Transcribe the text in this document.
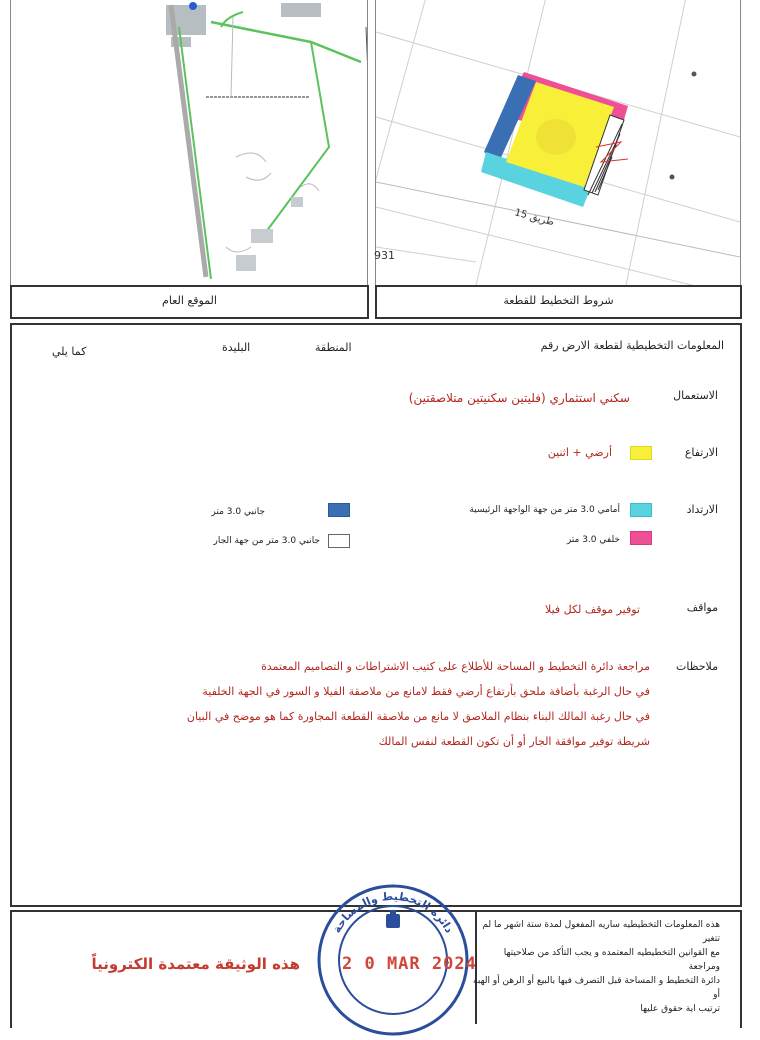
طريق 15
931
الموقع العام	شروط التخطيط للقطعة
المعلومات التخطيطية لقطعة الارض رقم
المنطقة
البليدة
كما يلي
الاستعمال
سكني استثماري (فليتين سكنيتين متلاصقتين)
الارتفاع
أرضي + اثنين
الارتداد
أمامي 3.0 متر من جهة الواجهة الرئيسية
خلفي 3.0 متر
جانبي 3.0 متر
جانبي 3.0 متر من جهة الجار
مواقف
توفير موقف لكل فيلا
ملاحظات
مراجعة دائرة التخطيط و المساحة للأطلاع على كتيب الاشتراطات و التصاميم المعتمدة
في حال الرغبة بأضافة ملحق بأرتفاع أرضي فقط لامانع من ملاصقة الفيلا و السور في الجهة الخلفية
في حال رغبة المالك البناء بنظام الملاصق لا مانع من ملاصقة القطعة المجاورة كما هو موضح في البيان
شريطة توفير موافقة الجار أو أن تكون القطعة لنفس المالك
هذه المعلومات التخطيطيه ساريه المفعول لمدة ستة اشهر ما لم تتغير
مع القوانين التخطيطيه المعتمده و يجب التأكد من صلاحيتها ومراجعة
دائرة التخطيط و المساحة قبل التصرف فيها بالبيع أو الرهن أو الهبه أو
ترتيب اية حقوق عليها
دائرة التخطيط والمساحة
2 0 MAR 2024
هذه الوثيقة معتمدة الكترونياً
